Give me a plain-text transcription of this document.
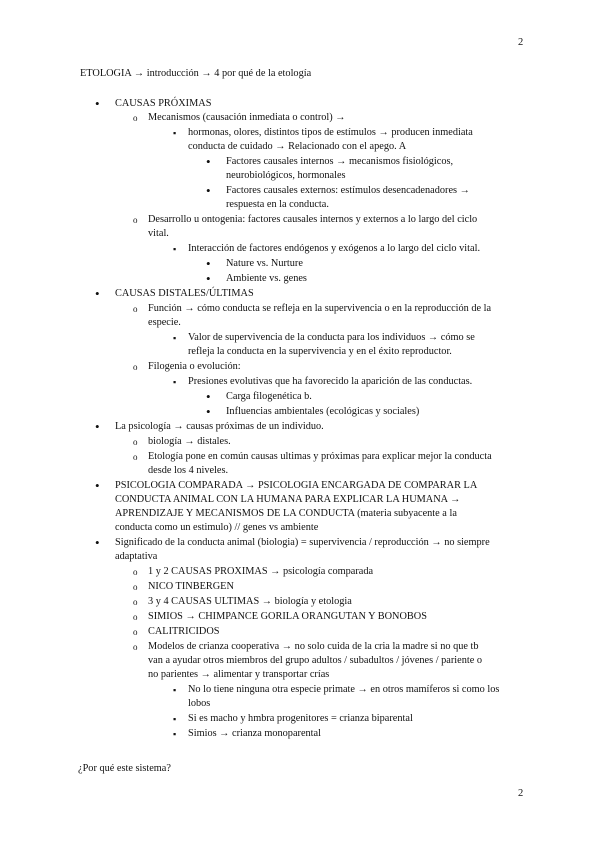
2
ETOLOGIA → introducción → 4 por qué de la etología
•
CAUSAS PRÓXIMAS
o
Mecanismos (causación inmediata o control) →
▪
hormonas, olores, distintos tipos de estímulos → producen inmediata
conducta de cuidado → Relacionado con el apego. A
•
Factores causales internos → mecanismos fisiológicos,
neurobiológicos, hormonales
•
Factores causales externos: estímulos desencadenadores →
respuesta en la conducta.
o
Desarrollo u ontogenia: factores causales internos y externos a lo largo del ciclo
vital.
▪
Interacción de factores endógenos y exógenos a lo largo del ciclo vital.
•
Nature vs. Nurture
•
Ambiente vs. genes
•
CAUSAS DISTALES/ÚLTIMAS
o
Función → cómo conducta se refleja en la supervivencia o en la reproducción de la
especie.
▪
Valor de supervivencia de la conducta para los individuos → cómo se
refleja la conducta en la supervivencia y en el éxito reproductor.
o
Filogenia o evolución:
▪
Presiones evolutivas que ha favorecido la aparición de las conductas.
•
Carga filogenética b.
•
Influencias ambientales (ecológicas y sociales)
•
La psicología → causas próximas de un individuo.
o
biología → distales.
o
Etología pone en común causas ultimas y próximas para explicar mejor la conducta
desde los 4 niveles.
•
PSICOLOGIA COMPARADA → PSICOLOGIA ENCARGADA DE COMPARAR LA
CONDUCTA ANIMAL CON LA HUMANA PARA EXPLICAR LA HUMANA →
APRENDIZAJE Y MECANISMOS DE LA CONDUCTA (materia subyacente a la
conducta como un estimulo) // genes vs ambiente
•
Significado de la conducta animal (biologia) = supervivencia / reproducción → no siempre
adaptativa
o
1 y 2 CAUSAS PROXIMAS → psicología comparada
o
NICO TINBERGEN
o
3 y 4 CAUSAS ULTIMAS → biología y etologia
o
SIMIOS → CHIMPANCE GORILA ORANGUTAN Y BONOBOS
o
CALITRICIDOS
o
Modelos de crianza cooperativa → no solo cuida de la cria la madre si no que tb
van a ayudar otros miembros del grupo adultos / subadultos / jóvenes / pariente o
no parientes → alimentar y transportar crías
▪
No lo tiene ninguna otra especie primate → en otros mamíferos si como los
lobos
▪
Si es macho y hmbra progenitores = crianza biparental
▪
Simios → crianza monoparental
¿Por qué este sistema?
2
